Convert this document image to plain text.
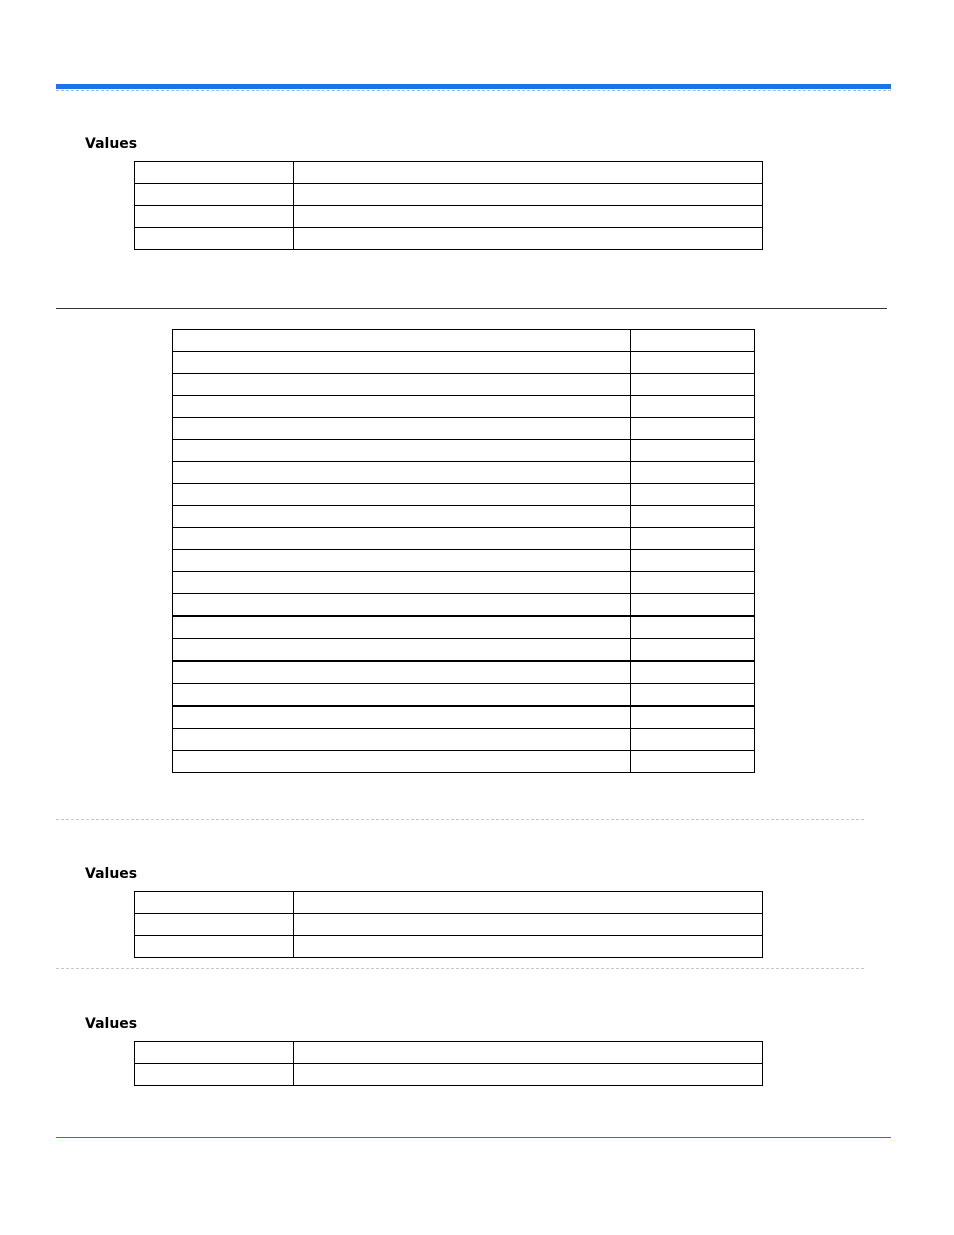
Values

Values

Values
